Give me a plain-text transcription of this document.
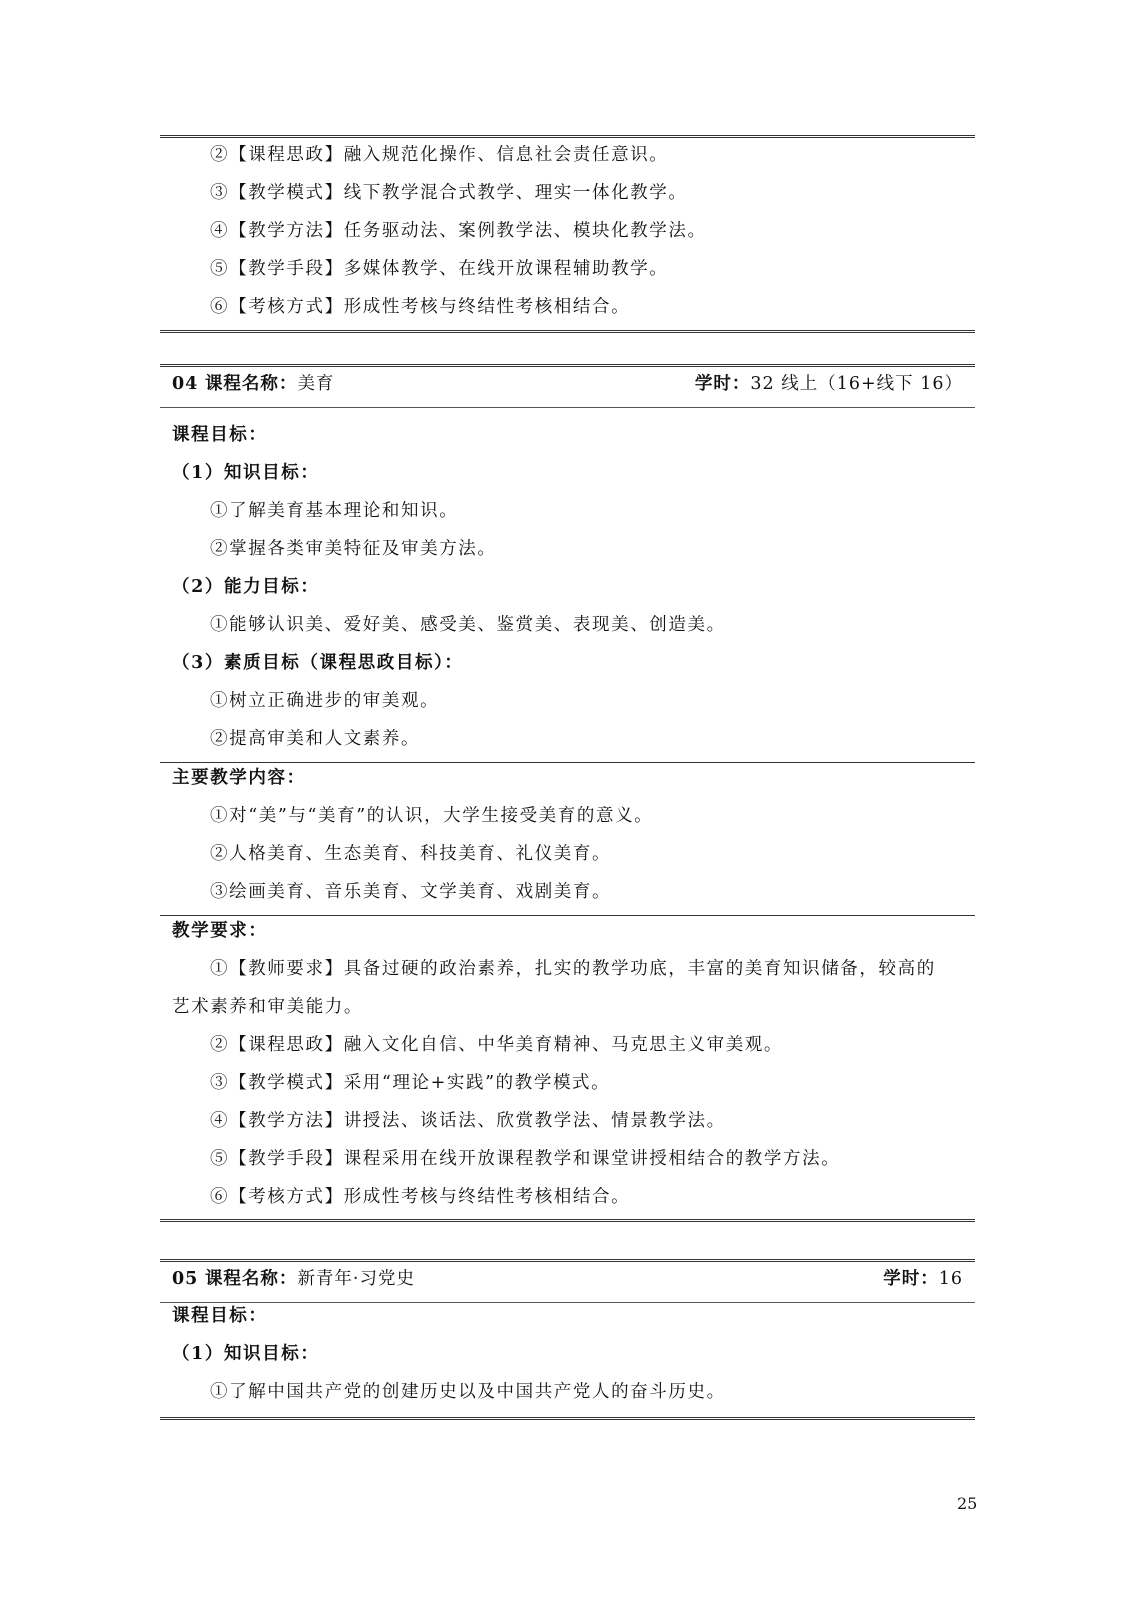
②【课程思政】融入规范化操作、信息社会责任意识。
③【教学模式】线下教学混合式教学、理实一体化教学。
④【教学方法】任务驱动法、案例教学法、模块化教学法。
⑤【教学手段】多媒体教学、在线开放课程辅助教学。
⑥【考核方式】形成性考核与终结性考核相结合。
04 课程名称：美育	学时：32 线上（16+线下 16）
课程目标：
（1）知识目标：
①了解美育基本理论和知识。
②掌握各类审美特征及审美方法。
（2）能力目标：
①能够认识美、爱好美、感受美、鉴赏美、表现美、创造美。
（3）素质目标（课程思政目标）：
①树立正确进步的审美观。
②提高审美和人文素养。
主要教学内容：
①对“美”与“美育”的认识，大学生接受美育的意义。
②人格美育、生态美育、科技美育、礼仪美育。
③绘画美育、音乐美育、文学美育、戏剧美育。
教学要求：
①【教师要求】具备过硬的政治素养，扎实的教学功底，丰富的美育知识储备，较高的
艺术素养和审美能力。
②【课程思政】融入文化自信、中华美育精神、马克思主义审美观。
③【教学模式】采用“理论+实践”的教学模式。
④【教学方法】讲授法、谈话法、欣赏教学法、情景教学法。
⑤【教学手段】课程采用在线开放课程教学和课堂讲授相结合的教学方法。
⑥【考核方式】形成性考核与终结性考核相结合。
05 课程名称：新青年·习党史	学时：16
课程目标：
（1）知识目标：
①了解中国共产党的创建历史以及中国共产党人的奋斗历史。
25
